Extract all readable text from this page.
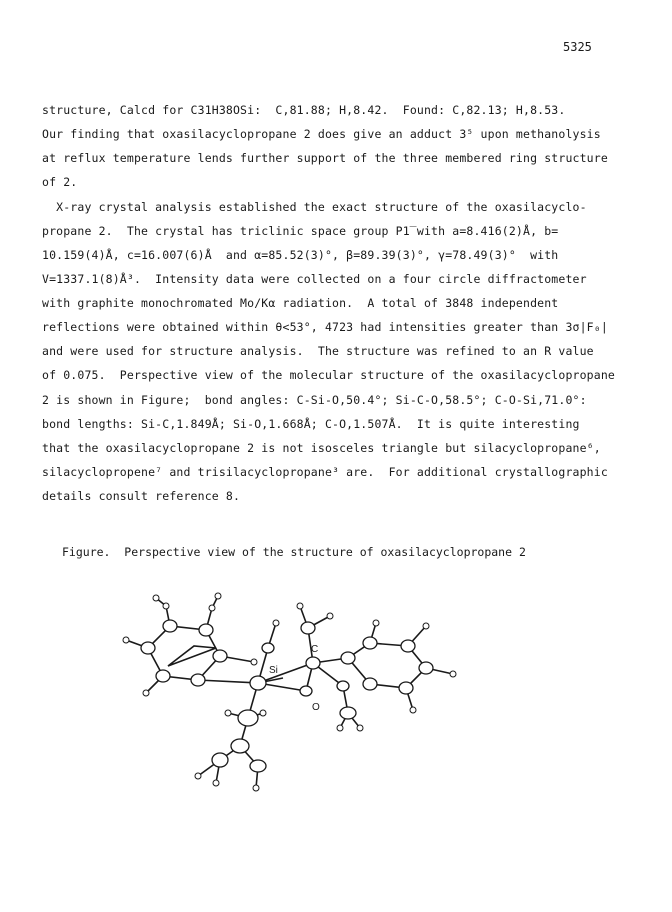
5325
structure, Calcd for C31H38OSi:  C,81.88; H,8.42.  Found: C,82.13; H,8.53.
Our finding that oxasilacyclopropane 2 does give an adduct 3⁵ upon methanolysis
at reflux temperature lends further support of the three membered ring structure
of 2.
X-ray crystal analysis established the exact structure of the oxasilacyclo-
propane 2.  The crystal has triclinic space group P1̅ with a=8.416(2)Å, b=
10.159(4)Å, c=16.007(6)Å  and α=85.52(3)°, β=89.39(3)°, γ=78.49(3)°  with
V=1337.1(8)Å³.  Intensity data were collected on a four circle diffractometer
with graphite monochromated Mo/Kα radiation.  A total of 3848 independent
reflections were obtained within θ<53°, 4723 had intensities greater than 3σ|F₀|
and were used for structure analysis.  The structure was refined to an R value
of 0.075.  Perspective view of the molecular structure of the oxasilacyclopropane
2 is shown in Figure;  bond angles: C-Si-O,50.4°; Si-C-O,58.5°; C-O-Si,71.0°:
bond lengths: Si-C,1.849Å; Si-O,1.668Å; C-O,1.507Å.  It is quite interesting
that the oxasilacyclopropane 2 is not isosceles triangle but silacyclopropane⁶,
silacyclopropene⁷ and trisilacyclopropane³ are.  For additional crystallographic
details consult reference 8.
Figure.  Perspective view of the structure of oxasilacyclopropane 2
Si
C
O
